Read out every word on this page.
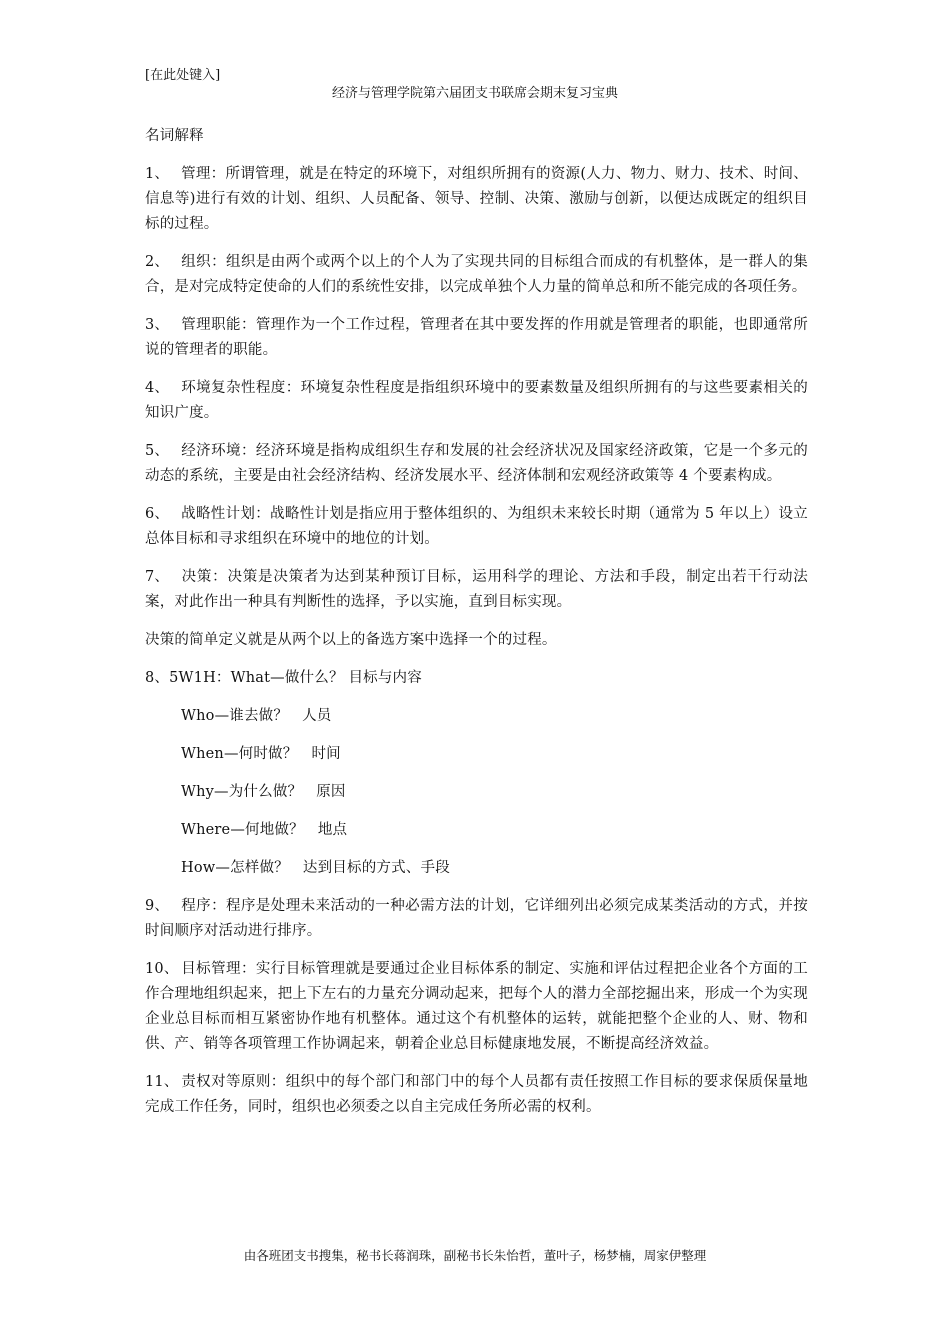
[在此处键入]
经济与管理学院第六届团支书联席会期末复习宝典

名词解释

1、 管理：所谓管理，就是在特定的环境下，对组织所拥有的资源(人力、物力、财力、技术、时间、信息等)进行有效的计划、组织、人员配备、领导、控制、决策、激励与创新，以便达成既定的组织目标的过程。

2、 组织：组织是由两个或两个以上的个人为了实现共同的目标组合而成的有机整体，是一群人的集合，是对完成特定使命的人们的系统性安排，以完成单独个人力量的简单总和所不能完成的各项任务。

3、 管理职能：管理作为一个工作过程，管理者在其中要发挥的作用就是管理者的职能，也即通常所说的管理者的职能。

4、 环境复杂性程度：环境复杂性程度是指组织环境中的要素数量及组织所拥有的与这些要素相关的知识广度。

5、 经济环境：经济环境是指构成组织生存和发展的社会经济状况及国家经济政策，它是一个多元的动态的系统，主要是由社会经济结构、经济发展水平、经济体制和宏观经济政策等 4 个要素构成。

6、 战略性计划：战略性计划是指应用于整体组织的、为组织未来较长时期（通常为 5 年以上）设立总体目标和寻求组织在环境中的地位的计划。

7、 决策：决策是决策者为达到某种预订目标，运用科学的理论、方法和手段，制定出若干行动法案，对此作出一种具有判断性的选择，予以实施，直到目标实现。

决策的简单定义就是从两个以上的备选方案中选择一个的过程。

8、5W1H：What—做什么？ 目标与内容

Who—谁去做？ 人员

When—何时做？ 时间

Why—为什么做？ 原因

Where—何地做？ 地点

How—怎样做？ 达到目标的方式、手段

9、 程序：程序是处理未来活动的一种必需方法的计划，它详细列出必须完成某类活动的方式，并按时间顺序对活动进行排序。

10、 目标管理：实行目标管理就是要通过企业目标体系的制定、实施和评估过程把企业各个方面的工作合理地组织起来，把上下左右的力量充分调动起来，把每个人的潜力全部挖掘出来，形成一个为实现企业总目标而相互紧密协作地有机整体。通过这个有机整体的运转，就能把整个企业的人、财、物和供、产、销等各项管理工作协调起来，朝着企业总目标健康地发展，不断提高经济效益。

11、 责权对等原则：组织中的每个部门和部门中的每个人员都有责任按照工作目标的要求保质保量地完成工作任务，同时，组织也必须委之以自主完成任务所必需的权利。

由各班团支书搜集，秘书长蒋润珠，副秘书长朱怡哲，董叶子，杨梦楠，周家伊整理
